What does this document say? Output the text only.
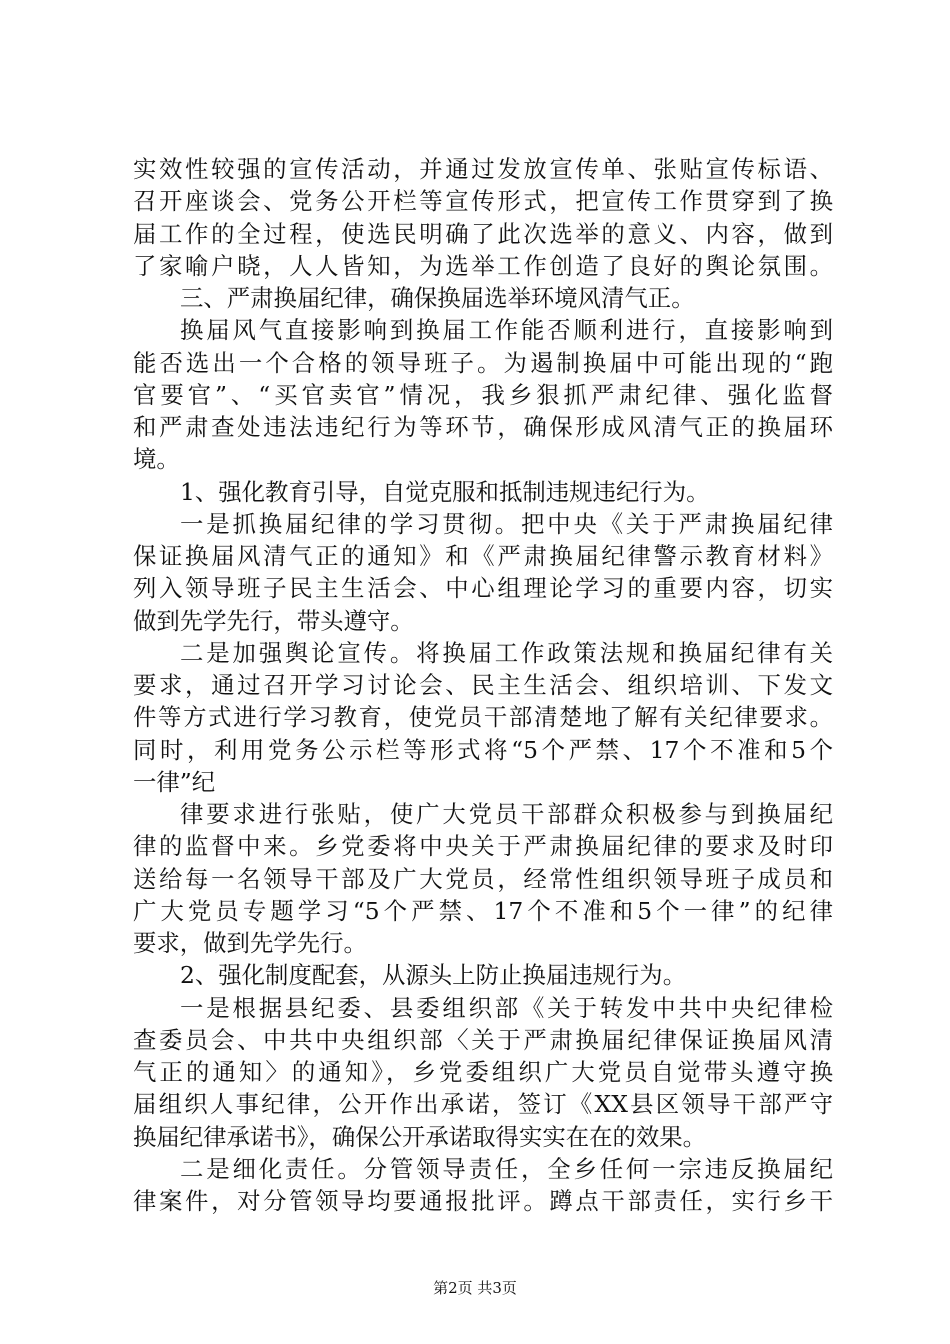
实效性较强的宣传活动，并通过发放宣传单、张贴宣传标语、
召开座谈会、党务公开栏等宣传形式，把宣传工作贯穿到了换
届工作的全过程，使选民明确了此次选举的意义、内容，做到
了家喻户晓，人人皆知，为选举工作创造了良好的舆论氛围。
三、严肃换届纪律，确保换届选举环境风清气正。
换届风气直接影响到换届工作能否顺利进行，直接影响到
能否选出一个合格的领导班子。为遏制换届中可能出现的“跑
官要官”、“买官卖官”情况，我乡狠抓严肃纪律、强化监督
和严肃查处违法违纪行为等环节，确保形成风清气正的换届环
境。
1、强化教育引导，自觉克服和抵制违规违纪行为。
一是抓换届纪律的学习贯彻。把中央《关于严肃换届纪律
保证换届风清气正的通知》和《严肃换届纪律警示教育材料》
列入领导班子民主生活会、中心组理论学习的重要内容，切实
做到先学先行，带头遵守。
二是加强舆论宣传。将换届工作政策法规和换届纪律有关
要求，通过召开学习讨论会、民主生活会、组织培训、下发文
件等方式进行学习教育，使党员干部清楚地了解有关纪律要求。
同时，利用党务公示栏等形式将“5个严禁、17个不准和5个
一律”纪
律要求进行张贴，使广大党员干部群众积极参与到换届纪
律的监督中来。乡党委将中央关于严肃换届纪律的要求及时印
送给每一名领导干部及广大党员，经常性组织领导班子成员和
广大党员专题学习“5个严禁、17个不准和5个一律”的纪律
要求，做到先学先行。
2、强化制度配套，从源头上防止换届违规行为。
一是根据县纪委、县委组织部《关于转发中共中央纪律检
查委员会、中共中央组织部〈关于严肃换届纪律保证换届风清
气正的通知〉的通知》，乡党委组织广大党员自觉带头遵守换
届组织人事纪律，公开作出承诺，签订《XX县区领导干部严守
换届纪律承诺书》，确保公开承诺取得实实在在的效果。
二是细化责任。分管领导责任，全乡任何一宗违反换届纪
律案件，对分管领导均要通报批评。蹲点干部责任，实行乡干
第2页 共3页
